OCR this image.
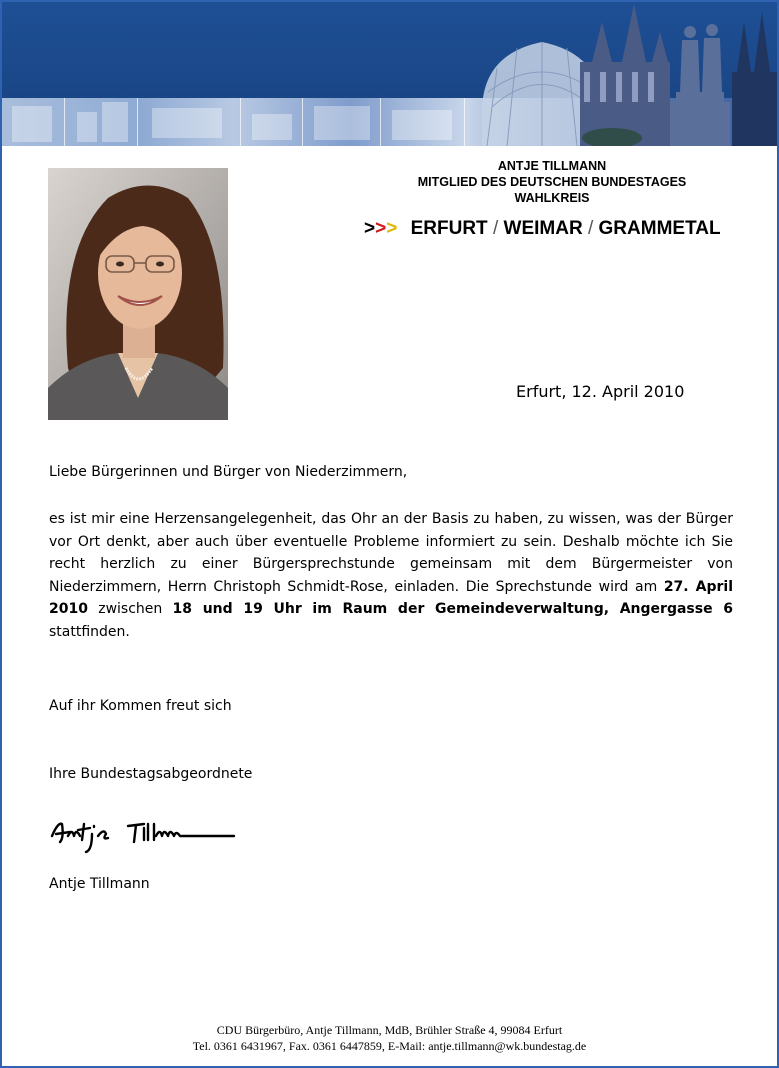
ANTJE TILLMANN
MITGLIED DES DEUTSCHEN BUNDESTAGES
WAHLKREIS
>>> ERFURT / WEIMAR / GRAMMETAL
Erfurt, 12. April 2010
Liebe Bürgerinnen und Bürger von Niederzimmern,
es ist mir eine Herzensangelegenheit, das Ohr an der Basis zu haben, zu wissen, was der Bürger vor Ort denkt, aber auch über eventuelle Probleme informiert zu sein. Deshalb möchte ich Sie recht herzlich zu einer Bürgersprechstunde gemeinsam mit dem Bürgermeister von Niederzimmern, Herrn Christoph Schmidt-Rose, einladen. Die Sprechstunde wird am 27. April 2010 zwischen 18 und 19 Uhr im Raum der Gemeindeverwaltung, Angergasse 6 stattfinden.
Auf ihr Kommen freut sich
Ihre Bundestagsabgeordnete
Antje Tillmann
CDU Bürgerbüro, Antje Tillmann, MdB, Brühler Straße 4, 99084 Erfurt
Tel. 0361 6431967, Fax. 0361 6447859, E-Mail: antje.tillmann@wk.bundestag.de
